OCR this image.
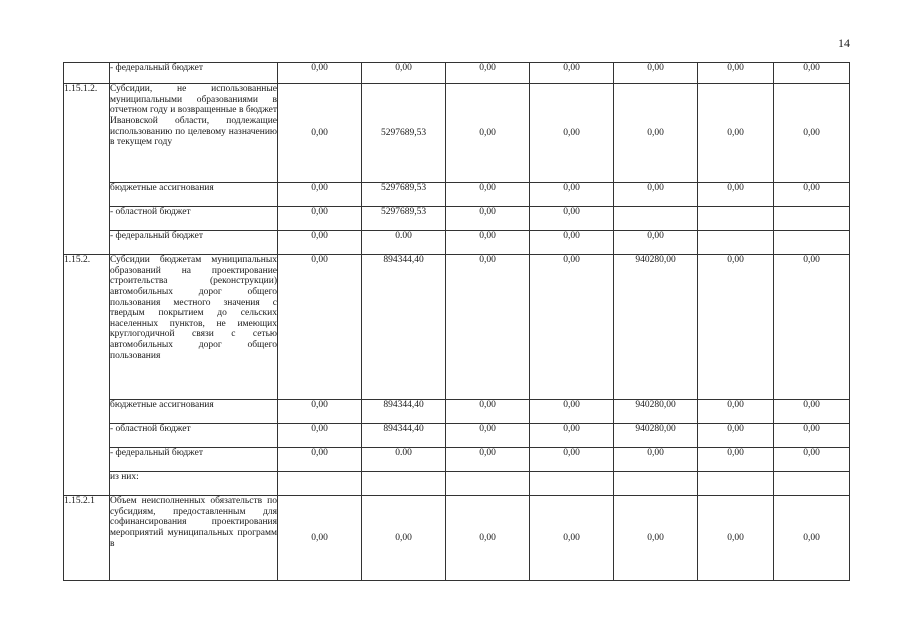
14
	- федеральный бюджет	0,00	0,00	0,00	0,00	0,00	0,00	0,00
1.15.1.2.	Субсидии, не использованные муниципальными образованиями в отчетном году и возвращенные в бюджет Ивановской области, подлежащие использованию по целевому назначению в текущем году	0,00	5297689,53	0,00	0,00	0,00	0,00	0,00
	бюджетные ассигнования	0,00	5297689,53	0,00	0,00	0,00	0,00	0,00
	- областной бюджет	0,00	5297689,53	0,00	0,00			
	- федеральный бюджет	0,00	0.00	0,00	0,00	0,00		
1.15.2.	Субсидии бюджетам муниципальных образований на проектирование строительства (реконструкции) автомобильных дорог общего пользования местного значения с твердым покрытием до сельских населенных пунктов, не имеющих круглогодичной связи с сетью автомобильных дорог общего пользования	0,00	894344,40	0,00	0,00	940280,00	0,00	0,00
	бюджетные ассигнования	0,00	894344,40	0,00	0,00	940280,00	0,00	0,00
	- областной бюджет	0,00	894344,40	0,00	0,00	940280,00	0,00	0,00
	- федеральный бюджет	0,00	0.00	0,00	0,00	0,00	0,00	0,00
	из них:							
1.15.2.1	Объем неисполненных обязательств по субсидиям, предоставленным для софинансирования проектирования мероприятий муниципальных программ в	0,00	0,00	0,00	0,00	0,00	0,00	0,00
